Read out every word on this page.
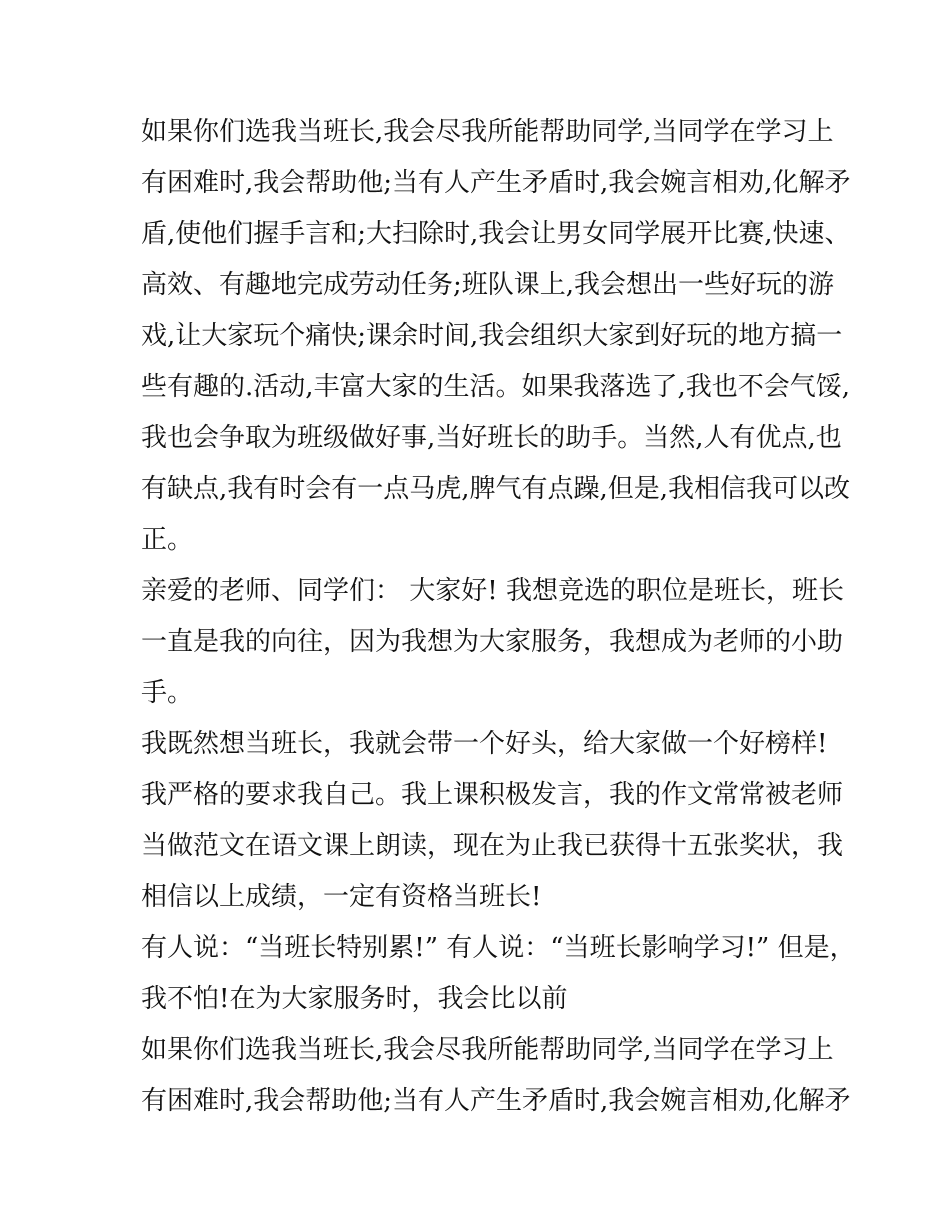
如果你们选我当班长,我会尽我所能帮助同学,当同学在学习上
有困难时,我会帮助他;当有人产生矛盾时,我会婉言相劝,化解矛
盾,使他们握手言和;大扫除时,我会让男女同学展开比赛,快速、
高效、有趣地完成劳动任务;班队课上,我会想出一些好玩的游
戏,让大家玩个痛快;课余时间,我会组织大家到好玩的地方搞一
些有趣的.活动,丰富大家的生活。如果我落选了,我也不会气馁,
我也会争取为班级做好事,当好班长的助手。当然,人有优点,也
有缺点,我有时会有一点马虎,脾气有点躁,但是,我相信我可以改
正。
亲爱的老师、同学们： 大家好! 我想竞选的职位是班长，班长
一直是我的向往，因为我想为大家服务，我想成为老师的小助
手。
我既然想当班长，我就会带一个好头，给大家做一个好榜样!
我严格的要求我自己。我上课积极发言，我的作文常常被老师
当做范文在语文课上朗读，现在为止我已获得十五张奖状，我
相信以上成绩，一定有资格当班长!
有人说：“当班长特别累!” 有人说：“当班长影响学习!” 但是，
我不怕!在为大家服务时，我会比以前
如果你们选我当班长,我会尽我所能帮助同学,当同学在学习上
有困难时,我会帮助他;当有人产生矛盾时,我会婉言相劝,化解矛
